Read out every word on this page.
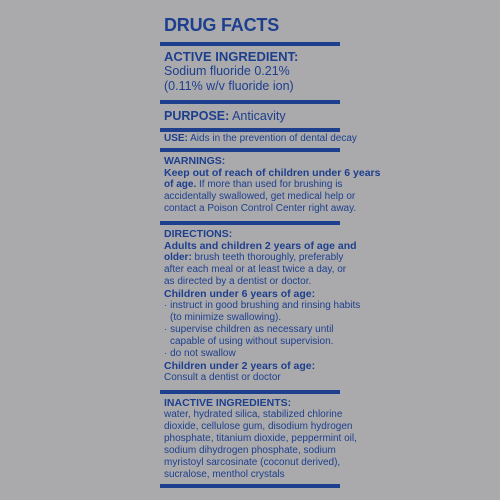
DRUG FACTS
ACTIVE INGREDIENT:
Sodium fluoride 0.21%
(0.11% w/v fluoride ion)
PURPOSE: Anticavity
USE: Aids in the prevention of dental decay
WARNINGS:
Keep out of reach of children under 6 years
of age. If more than used for brushing is
accidentally swallowed, get medical help or
contact a Poison Control Center right away.
DIRECTIONS:
Adults and children 2 years of age and
older: brush teeth thoroughly, preferably
after each meal or at least twice a day, or
as directed by a dentist or doctor.
Children under 6 years of age:
· instruct in good brushing and rinsing habits
(to minimize swallowing).
· supervise children as necessary until
capable of using without supervision.
· do not swallow
Children under 2 years of age:
Consult a dentist or doctor
INACTIVE INGREDIENTS:
water, hydrated silica, stabilized chlorine
dioxide, cellulose gum, disodium hydrogen
phosphate, titanium dioxide, peppermint oil,
sodium dihydrogen phosphate, sodium
myristoyl sarcosinate (coconut derived),
sucralose, menthol crystals
